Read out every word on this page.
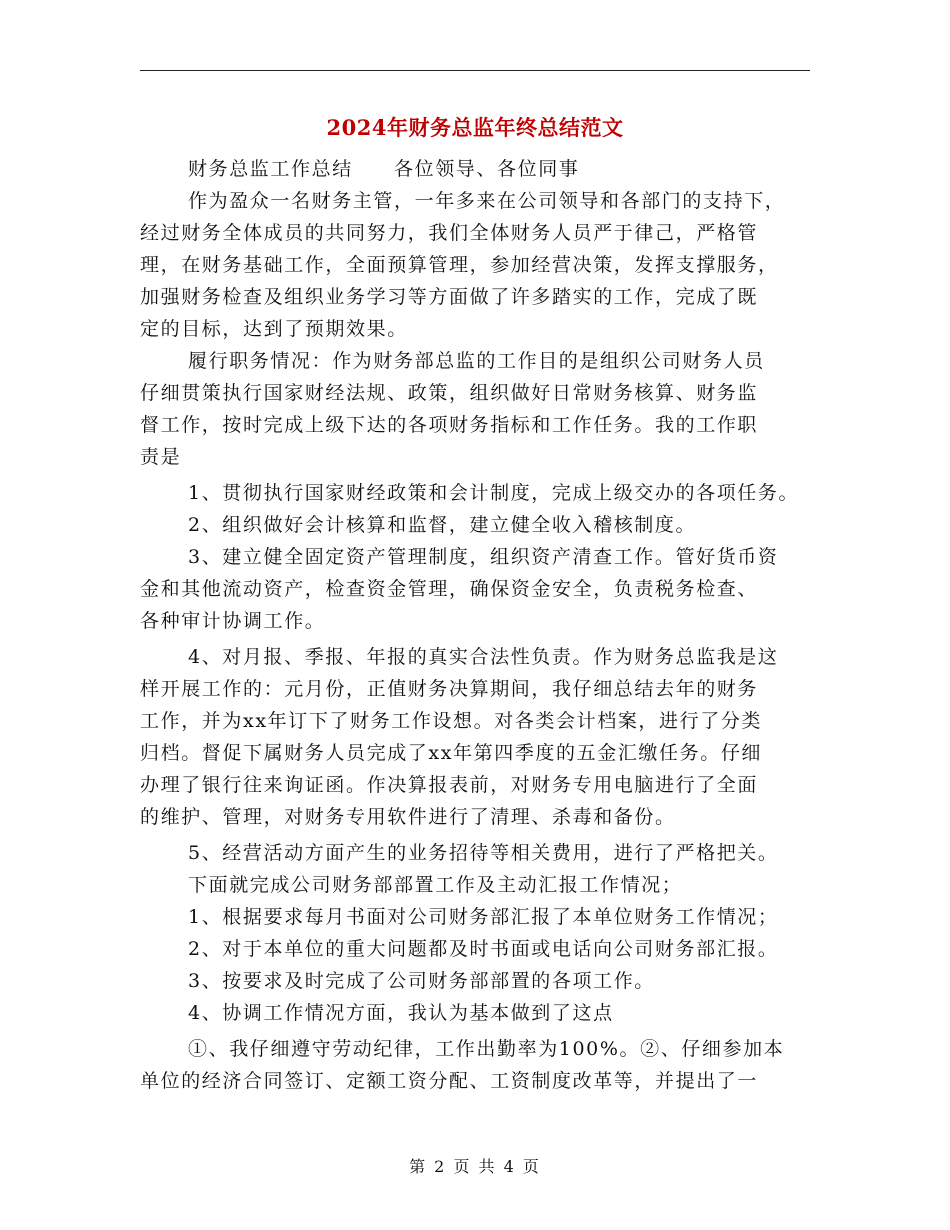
2024年财务总监年终总结范文
财务总监工作总结　　各位领导、各位同事
作为盈众一名财务主管，一年多来在公司领导和各部门的支持下，
经过财务全体成员的共同努力，我们全体财务人员严于律己，严格管
理，在财务基础工作，全面预算管理，参加经营决策，发挥支撑服务，
加强财务检查及组织业务学习等方面做了许多踏实的工作，完成了既
定的目标，达到了预期效果。
履行职务情况：作为财务部总监的工作目的是组织公司财务人员
仔细贯策执行国家财经法规、政策，组织做好日常财务核算、财务监
督工作，按时完成上级下达的各项财务指标和工作任务。我的工作职
责是
1、贯彻执行国家财经政策和会计制度，完成上级交办的各项任务。
2、组织做好会计核算和监督，建立健全收入稽核制度。
3、建立健全固定资产管理制度，组织资产清查工作。管好货币资
金和其他流动资产，检查资金管理，确保资金安全，负责税务检查、
各种审计协调工作。
4、对月报、季报、年报的真实合法性负责。作为财务总监我是这
样开展工作的：元月份，正值财务决算期间，我仔细总结去年的财务
工作，并为xx年订下了财务工作设想。对各类会计档案，进行了分类
归档。督促下属财务人员完成了xx年第四季度的五金汇缴任务。仔细
办理了银行往来询证函。作决算报表前，对财务专用电脑进行了全面
的维护、管理，对财务专用软件进行了清理、杀毒和备份。
5、经营活动方面产生的业务招待等相关费用，进行了严格把关。
下面就完成公司财务部部置工作及主动汇报工作情况；
1、根据要求每月书面对公司财务部汇报了本单位财务工作情况；
2、对于本单位的重大问题都及时书面或电话向公司财务部汇报。
3、按要求及时完成了公司财务部部置的各项工作。
4、协调工作情况方面，我认为基本做到了这点
①、我仔细遵守劳动纪律，工作出勤率为100%。②、仔细参加本
单位的经济合同签订、定额工资分配、工资制度改革等，并提出了一
第 2 页 共 4 页
